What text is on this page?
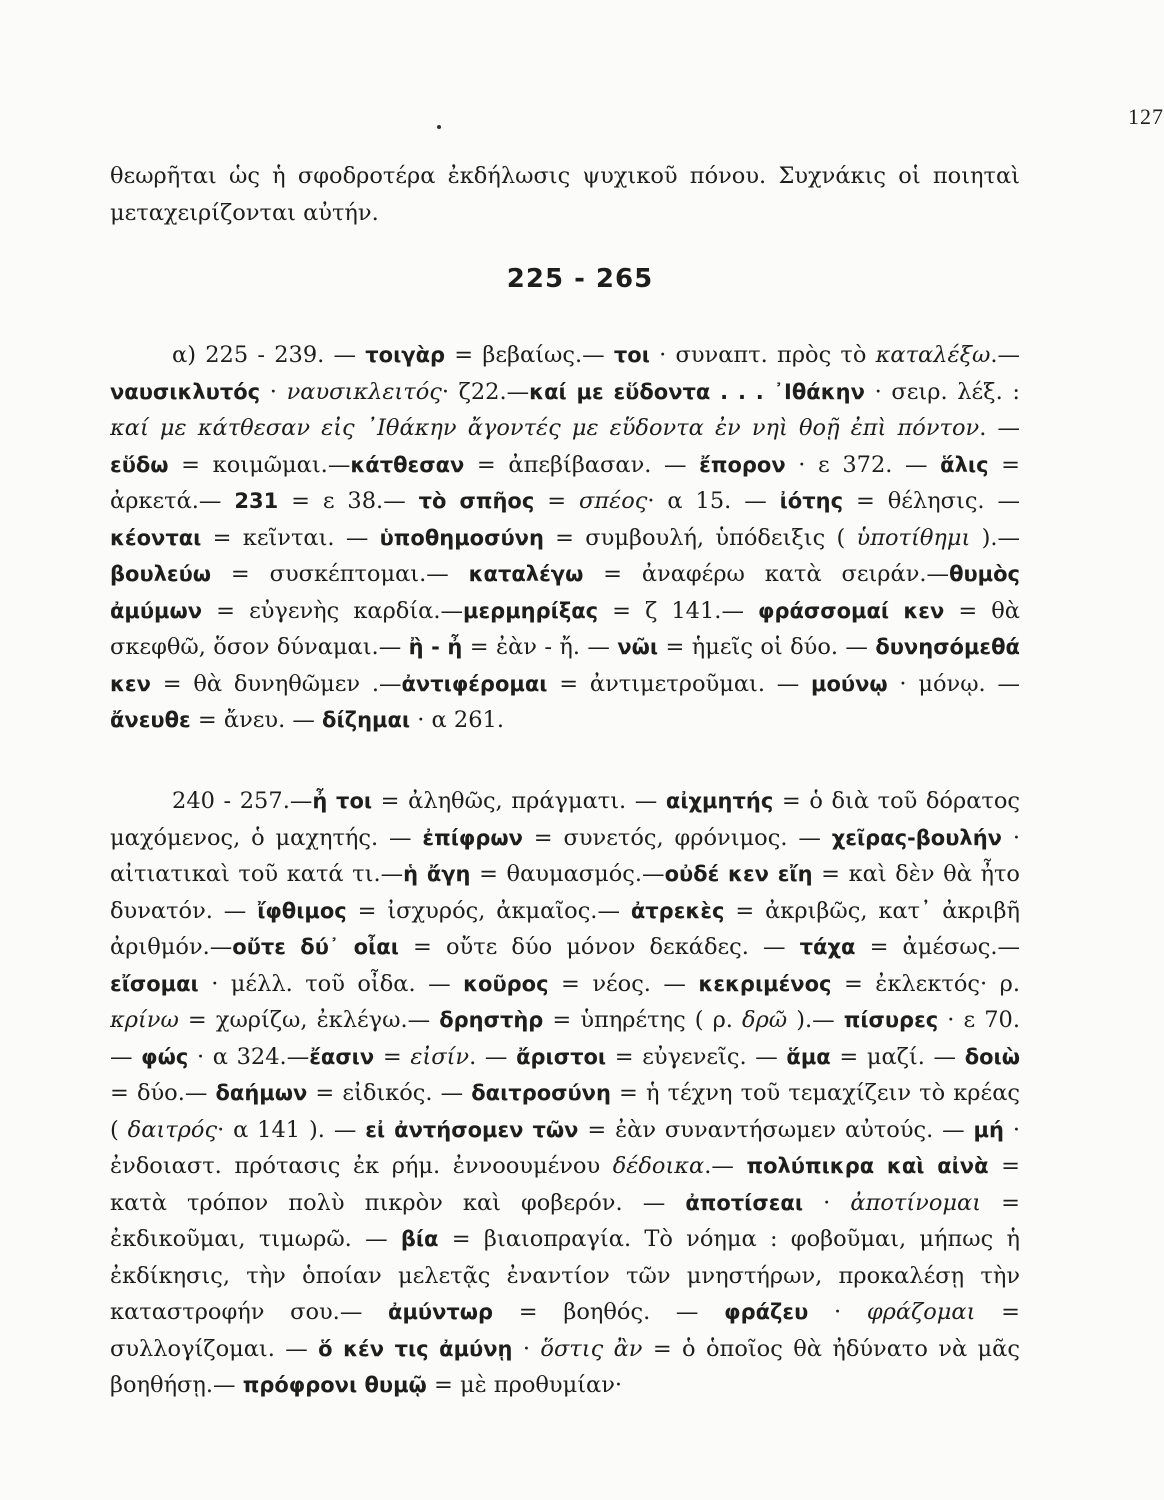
127
θεωρῆται ὡς ἡ σφοδροτέρα ἐκδήλωσις ψυχικοῦ πόνου. Συχνάκις οἱ ποιηταὶ μεταχειρίζονται αὐτήν.
225 - 265
α) 225 - 239. — τοιγὰρ = βεβαίως.— τοι · συναπτ. πρὸς τὸ καταλέξω.—ναυσικλυτός · ναυσικλειτός· ζ22.—καί με εὕδοντα . . . ᾿Ιθάκην · σειρ. λέξ. : καί με κάτθεσαν εἰς ᾿Ιθάκην ἄγοντές με εὕδοντα ἐν νηὶ θοῇ ἐπὶ πόντον. — εὕδω = κοιμῶμαι.—κάτθεσαν = ἀπεβίβασαν. — ἔπορον · ε 372. — ἅλις = ἀρκετά.— 231 = ε 38.— τὸ σπῆος = σπέος· α 15. — ἰότης = θέλησις. — κέονται = κεῖνται. — ὑποθημοσύνη = συμβουλή, ὑπόδειξις ( ὑποτίθημι ).— βουλεύω = συσκέπτομαι.— καταλέγω = ἀναφέρω κατὰ σειράν.—θυμὸς ἀμύμων = εὐγενὴς καρδία.—μερμηρίξας = ζ 141.— φράσσομαί κεν = θὰ σκεφθῶ, ὅσον δύναμαι.— ἢ - ἦ = ἐὰν - ἤ. — νῶι = ἡμεῖς οἱ δύο. — δυνησόμεθά κεν = θὰ δυνηθῶμεν .—ἀντιφέρομαι = ἀντιμετροῦμαι. — μούνῳ · μόνῳ. — ἄνευθε = ἄνευ. — δίζημαι · α 261.
240 - 257.—ἦ τοι = ἀληθῶς, πράγματι. — αἰχμητής = ὁ διὰ τοῦ δόρατος μαχόμενος, ὁ μαχητής. — ἐπίφρων = συνετός, φρόνιμος. — χεῖρας-βουλήν · αἰτιατικαὶ τοῦ κατά τι.—ἡ ἄγη = θαυμασμός.—οὐδέ κεν εἴη = καὶ δὲν θὰ ἦτο δυνατόν. — ἴφθιμος = ἰσχυρός, ἀκμαῖος.— ἀτρεκὲς = ἀκριβῶς, κατ᾿ ἀκριβῆ ἀριθμόν.—οὔτε δύ᾿ οἶαι = οὔτε δύο μόνον δεκάδες. — τάχα = ἀμέσως.—εἴσομαι · μέλλ. τοῦ οἶδα. — κοῦρος = νέος. — κεκριμένος = ἐκλεκτός· ρ. κρίνω = χωρίζω, ἐκλέγω.— δρηστὴρ = ὑπηρέτης ( ρ. δρῶ ).— πίσυρες · ε 70. — φώς · α 324.—ἔασιν = εἰσίν. — ἄριστοι = εὐγενεῖς. — ἅμα = μαζί. — δοιὼ = δύο.— δαήμων = εἰδικός. — δαιτροσύνη = ἡ τέχνη τοῦ τεμαχίζειν τὸ κρέας ( δαιτρός· α 141 ). — εἰ ἀντήσομεν τῶν = ἐὰν συναντήσωμεν αὐτούς. — μή · ἐνδοιαστ. πρότασις ἐκ ρήμ. ἐννοουμένου δέδοικα.— πολύπικρα καὶ αἰνὰ = κατὰ τρόπον πολὺ πικρὸν καὶ φοβερόν. — ἀποτίσεαι · ἀποτίνομαι = ἐκδικοῦμαι, τιμωρῶ. — βία = βιαιοπραγία. Τὸ νόημα : φοβοῦμαι, μήπως ἡ ἐκδίκησις, τὴν ὁποίαν μελετᾷς ἐναντίον τῶν μνηστήρων, προκαλέσῃ τὴν καταστροφήν σου.— ἀμύντωρ = βοηθός. — φράζευ · φράζομαι = συλλογίζομαι. — ὅ κέν τις ἀμύνῃ · ὅστις ἂν = ὁ ὁποῖος θὰ ἠδύνατο νὰ μᾶς βοηθήσῃ.— πρόφρονι θυμῷ = μὲ προθυμίαν·
